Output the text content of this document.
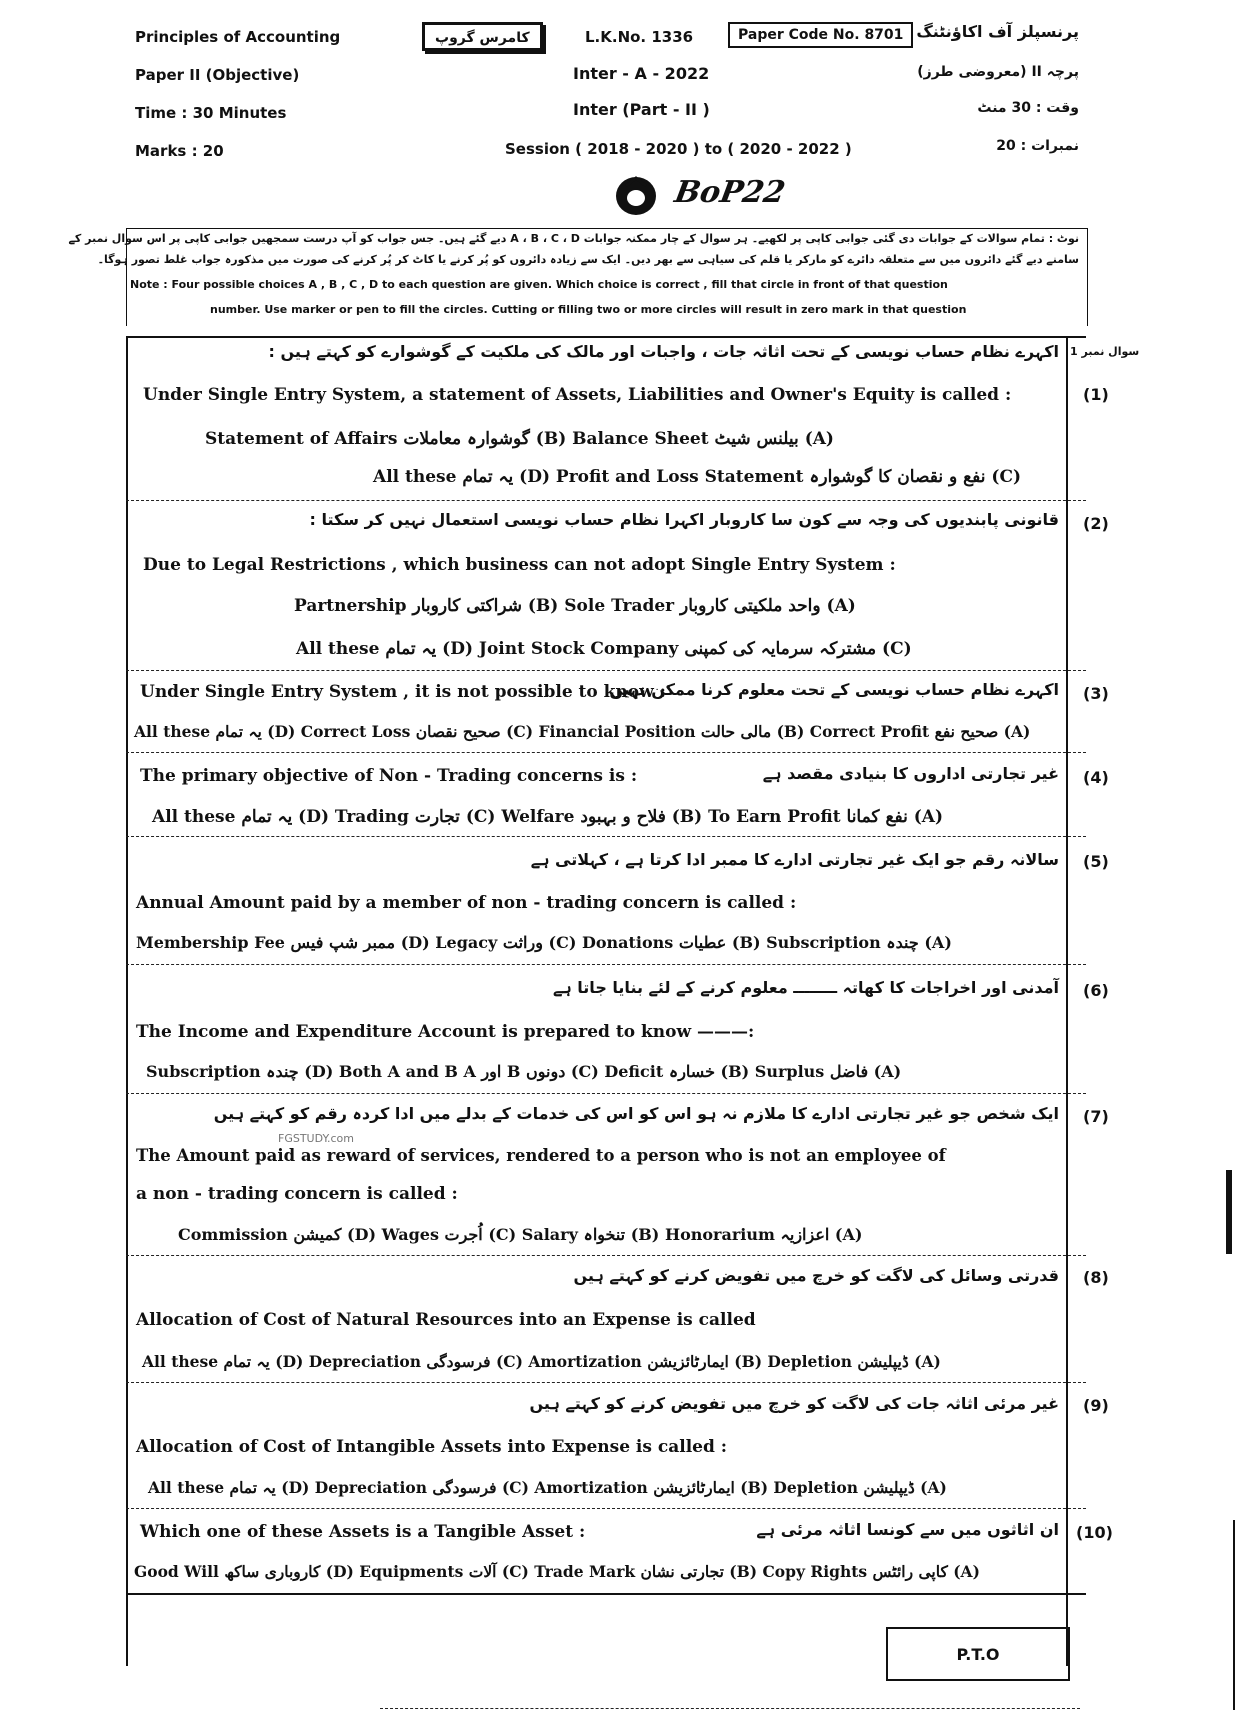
Principles of Accounting	کامرس گروپ	L.K.No. 1336	Paper Code No. 8701 پرنسپلز آف اکاؤنٹنگ
Paper II (Objective)	Inter - A - 2022	پرچہ II (معروضی طرز)
Time : 30 Minutes	Inter (Part - II )	وقت : 30 منٹ
Marks : 20	Session ( 2018 - 2020 ) to ( 2020 - 2022 )	نمبرات : 20
BoP22
نوٹ : تمام سوالات کے جوابات دی گئی جوابی کاپی پر لکھیے۔ ہر سوال کے چار ممکنہ جوابات A ، B ، C ، D دیے گئے ہیں۔ جس جواب کو آپ درست سمجھیں جوابی کاپی پر اس سوال نمبر کے
سامنے دیے گئے دائروں میں سے متعلقہ دائرے کو مارکر یا قلم کی سیاہی سے بھر دیں۔ ایک سے زیادہ دائروں کو پُر کرنے یا کاٹ کر پُر کرنے کی صورت میں مذکورہ جواب غلط تصور ہوگا۔
Note : Four possible choices A , B , C , D to each question are given. Which choice is correct , fill that circle in front of that question
number. Use marker or pen to fill the circles. Cutting or filling two or more circles will result in zero mark in that question
سوال نمبر 1
اکہرے نظام حساب نویسی کے تحت اثاثہ جات ، واجبات اور مالک کی ملکیت کے گوشوارے کو کہتے ہیں :
(1)
Under Single Entry System, a statement of Assets, Liabilities and Owner's Equity is called :
Statement of Affairs گوشوارہ معاملات (B) Balance Sheet بیلنس شیٹ (A)
All these یہ تمام (D) Profit and Loss Statement نفع و نقصان کا گوشوارہ (C)
قانونی پابندیوں کی وجہ سے کون سا کاروبار اکہرا نظام حساب نویسی استعمال نہیں کر سکتا : (2)
Due to Legal Restrictions , which business can not adopt Single Entry System :
Partnership شراکتی کاروبار (B) Sole Trader واحد ملکیتی کاروبار (A)
All these یہ تمام (D) Joint Stock Company مشترکہ سرمایہ کی کمپنی (C)
Under Single Entry System , it is not possible to know :
اکہرے نظام حساب نویسی کے تحت معلوم کرنا ممکن نہیں (3)
All these یہ تمام (D) Correct Loss صحیح نقصان (C) Financial Position مالی حالت (B) Correct Profit صحیح نفع (A)
The primary objective of Non - Trading concerns is :	غیر تجارتی اداروں کا بنیادی مقصد ہے (4)
All these یہ تمام (D) Trading تجارت (C) Welfare فلاح و بہبود (B) To Earn Profit نفع کمانا (A)
سالانہ رقم جو ایک غیر تجارتی ادارے کا ممبر ادا کرتا ہے ، کہلاتی ہے (5)
Annual Amount paid by a member of non - trading concern is called :
Membership Fee ممبر شپ فیس (D) Legacy وراثت (C) Donations عطیات (B) Subscription چندہ (A)
آمدنی اور اخراجات کا کھاتہ ــــــــ معلوم کرنے کے لئے بنایا جاتا ہے (6)
The Income and Expenditure Account is prepared to know ———:
Subscription چندہ (D) Both A and B A اور B دونوں (C) Deficit خسارہ (B) Surplus فاضل (A)
ایک شخص جو غیر تجارتی ادارے کا ملازم نہ ہو اس کو اس کی خدمات کے بدلے میں ادا کردہ رقم کو کہتے ہیں (7)
FGSTUDY.com
The Amount paid as reward of services, rendered to a person who is not an employee of
a non - trading concern is called :
Commission کمیشن (D) Wages اُجرت (C) Salary تنخواہ (B) Honorarium اعزازیہ (A)
قدرتی وسائل کی لاگت کو خرچ میں تفویض کرنے کو کہتے ہیں (8)
Allocation of Cost of Natural Resources into an Expense is called
All these یہ تمام (D) Depreciation فرسودگی (C) Amortization ایمارٹائزیشن (B) Depletion ڈیپلیشن (A)
غیر مرئی اثاثہ جات کی لاگت کو خرچ میں تفویض کرنے کو کہتے ہیں (9)
Allocation of Cost of Intangible Assets into Expense is called :
All these یہ تمام (D) Depreciation فرسودگی (C) Amortization ایمارٹائزیشن (B) Depletion ڈیپلیشن (A)
Which one of these Assets is a Tangible Asset :	ان اثاثوں میں سے کونسا اثاثہ مرئی ہے (10)
Good Will کاروباری ساکھ (D) Equipments آلات (C) Trade Mark تجارتی نشان (B) Copy Rights کاپی رائٹس (A)
P.T.O
